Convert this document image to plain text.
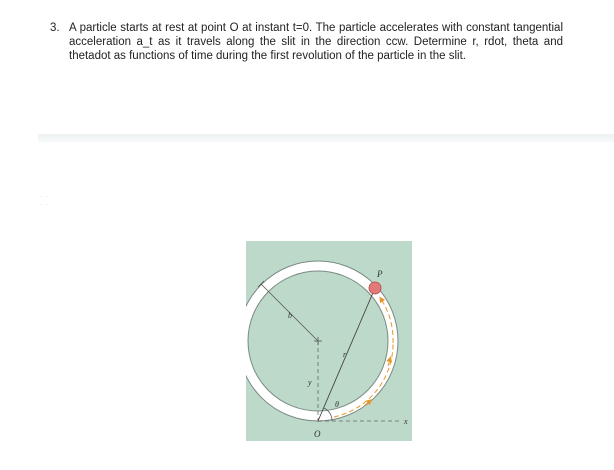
3. A particle starts at rest at point O at instant t=0. The particle accelerates with constant tangential acceleration a_t as it travels along the slit in the direction ccw. Determine r, rdot, theta and thetadot as functions of time during the first revolution of the particle in the slit.
· ·
· ·
P
b
r
y
x
θ
O
